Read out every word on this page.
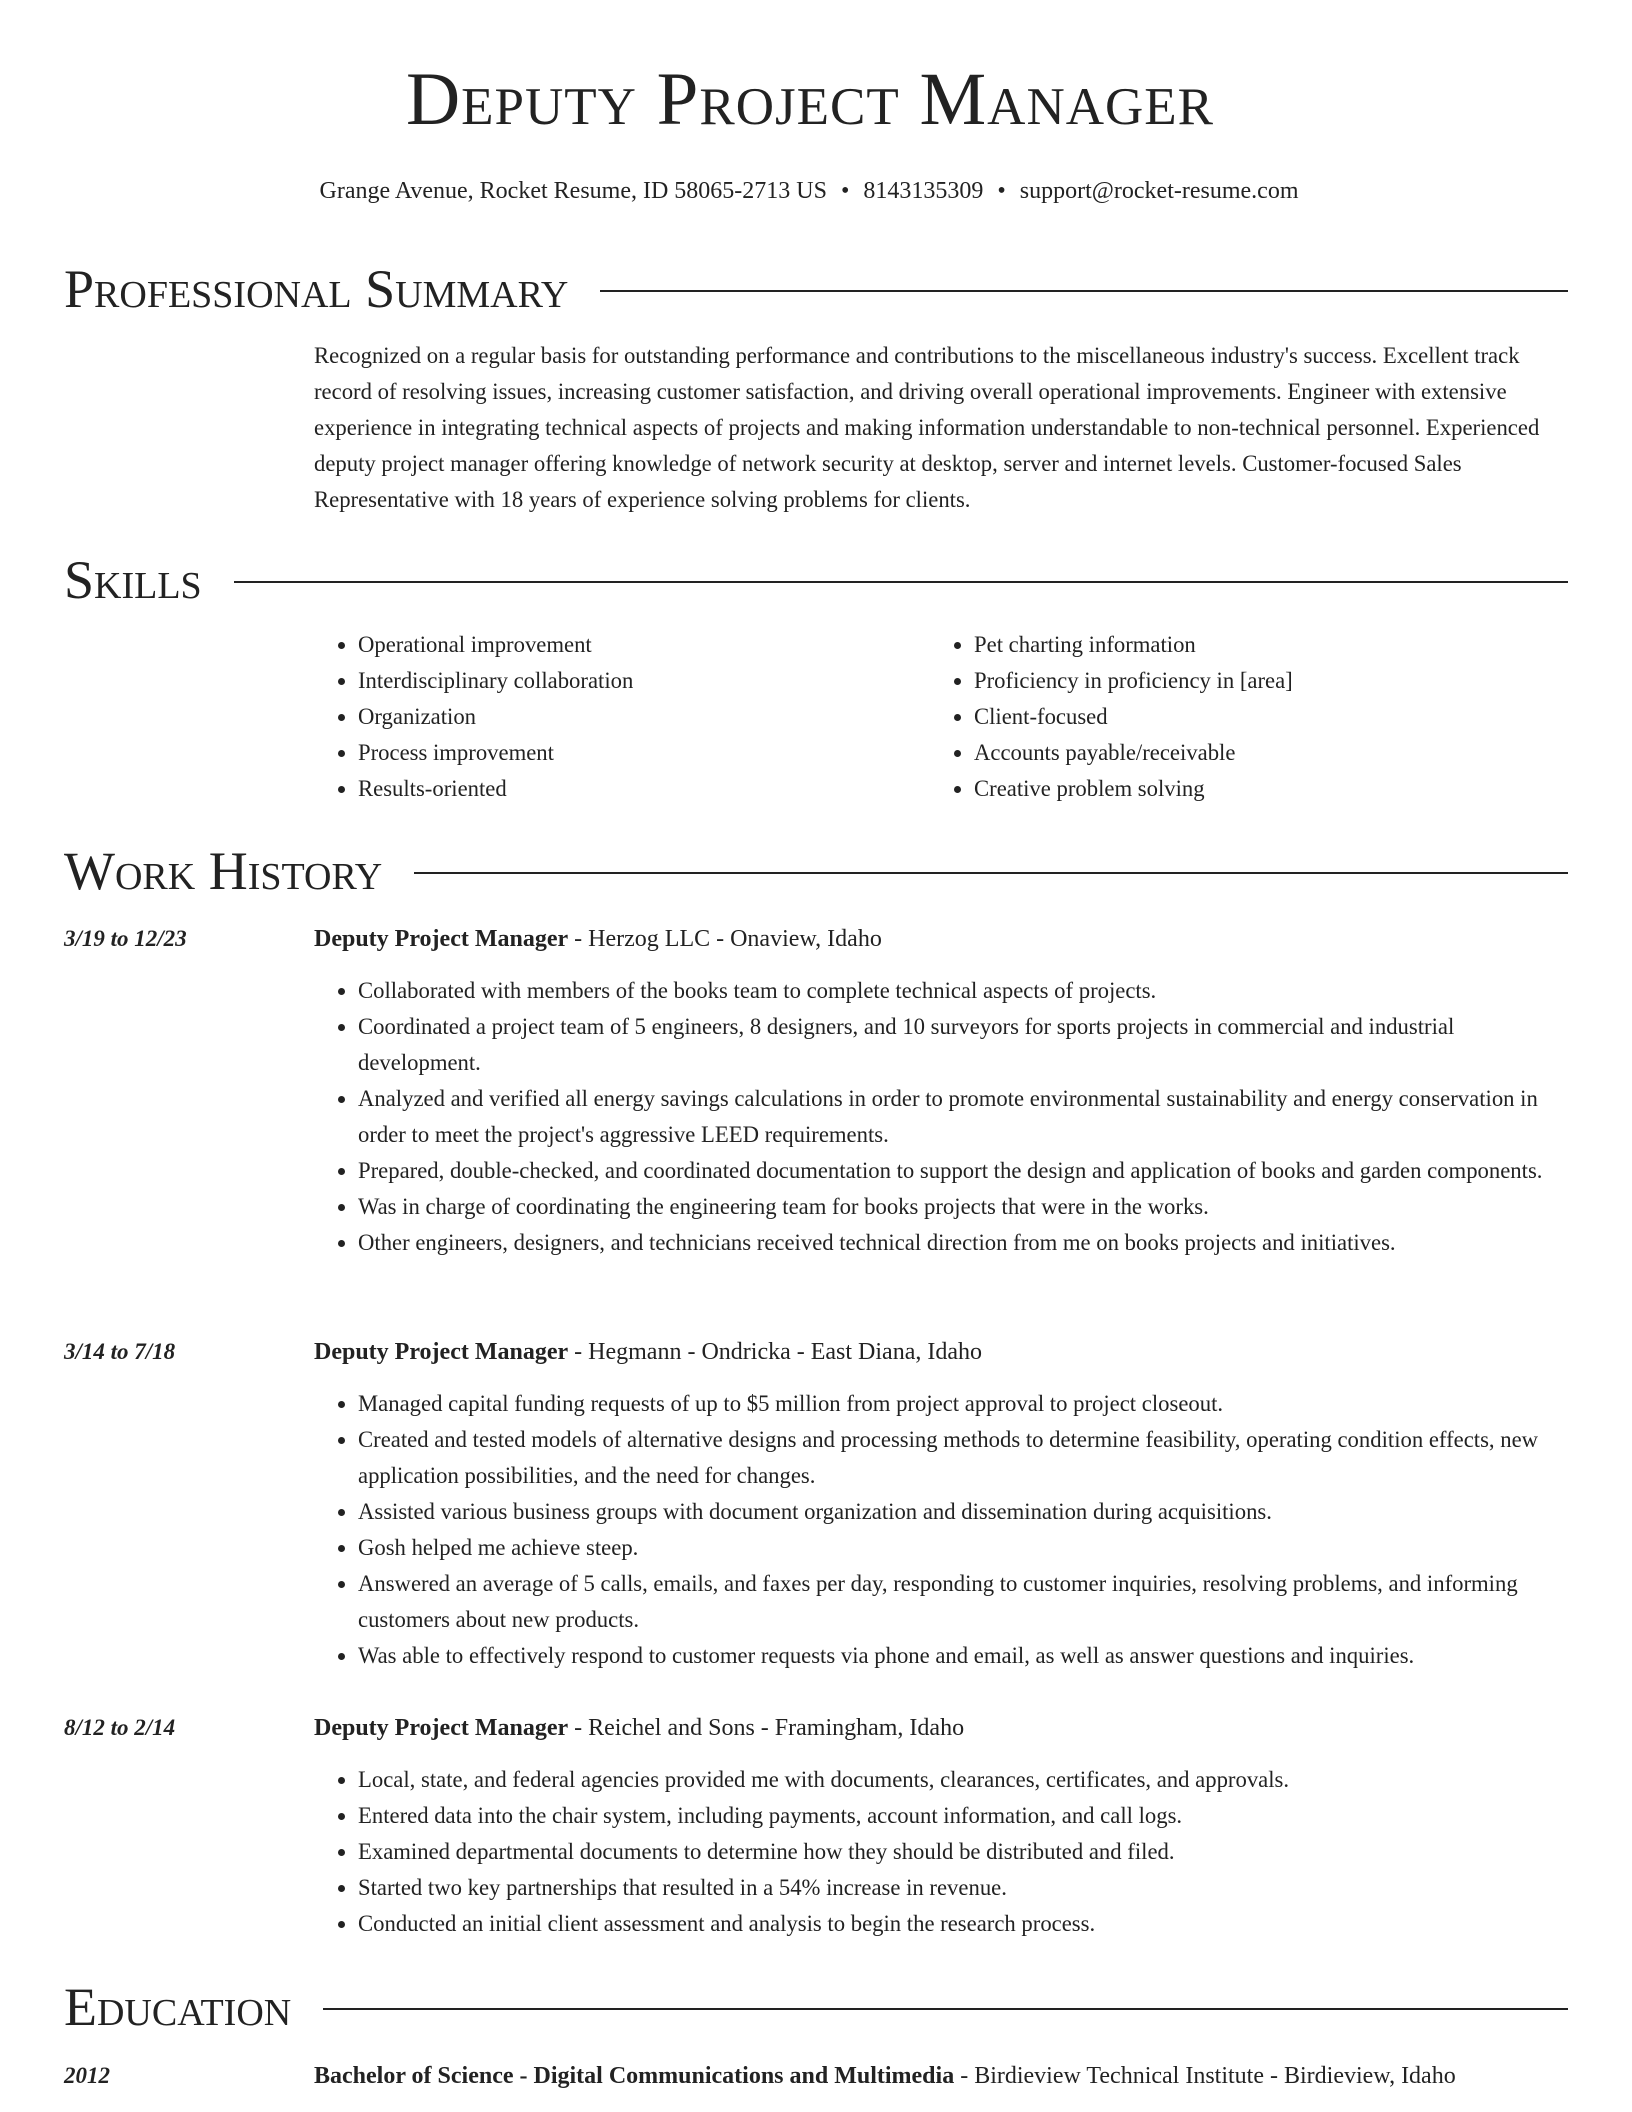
Deputy Project Manager
Grange Avenue, Rocket Resume, ID 58065-2713 US • 8143135309 • support@rocket-resume.com
Professional Summary
Recognized on a regular basis for outstanding performance and contributions to the miscellaneous industry's success. Excellent track record of resolving issues, increasing customer satisfaction, and driving overall operational improvements. Engineer with extensive experience in integrating technical aspects of projects and making information understandable to non-technical personnel. Experienced deputy project manager offering knowledge of network security at desktop, server and internet levels. Customer-focused Sales Representative with 18 years of experience solving problems for clients.
Skills
• Operational improvement
• Interdisciplinary collaboration
• Organization
• Process improvement
• Results-oriented
• Pet charting information
• Proficiency in proficiency in [area]
• Client-focused
• Accounts payable/receivable
• Creative problem solving
Work History
3/19 to 12/23	Deputy Project Manager - Herzog LLC - Onaview, Idaho
• Collaborated with members of the books team to complete technical aspects of projects.
• Coordinated a project team of 5 engineers, 8 designers, and 10 surveyors for sports projects in commercial and industrial development.
• Analyzed and verified all energy savings calculations in order to promote environmental sustainability and energy conservation in order to meet the project's aggressive LEED requirements.
• Prepared, double-checked, and coordinated documentation to support the design and application of books and garden components.
• Was in charge of coordinating the engineering team for books projects that were in the works.
• Other engineers, designers, and technicians received technical direction from me on books projects and initiatives.
3/14 to 7/18	Deputy Project Manager - Hegmann - Ondricka - East Diana, Idaho
• Managed capital funding requests of up to $5 million from project approval to project closeout.
• Created and tested models of alternative designs and processing methods to determine feasibility, operating condition effects, new application possibilities, and the need for changes.
• Assisted various business groups with document organization and dissemination during acquisitions.
• Gosh helped me achieve steep.
• Answered an average of 5 calls, emails, and faxes per day, responding to customer inquiries, resolving problems, and informing customers about new products.
• Was able to effectively respond to customer requests via phone and email, as well as answer questions and inquiries.
8/12 to 2/14	Deputy Project Manager - Reichel and Sons - Framingham, Idaho
• Local, state, and federal agencies provided me with documents, clearances, certificates, and approvals.
• Entered data into the chair system, including payments, account information, and call logs.
• Examined departmental documents to determine how they should be distributed and filed.
• Started two key partnerships that resulted in a 54% increase in revenue.
• Conducted an initial client assessment and analysis to begin the research process.
Education
2012	Bachelor of Science - Digital Communications and Multimedia - Birdieview Technical Institute - Birdieview, Idaho
